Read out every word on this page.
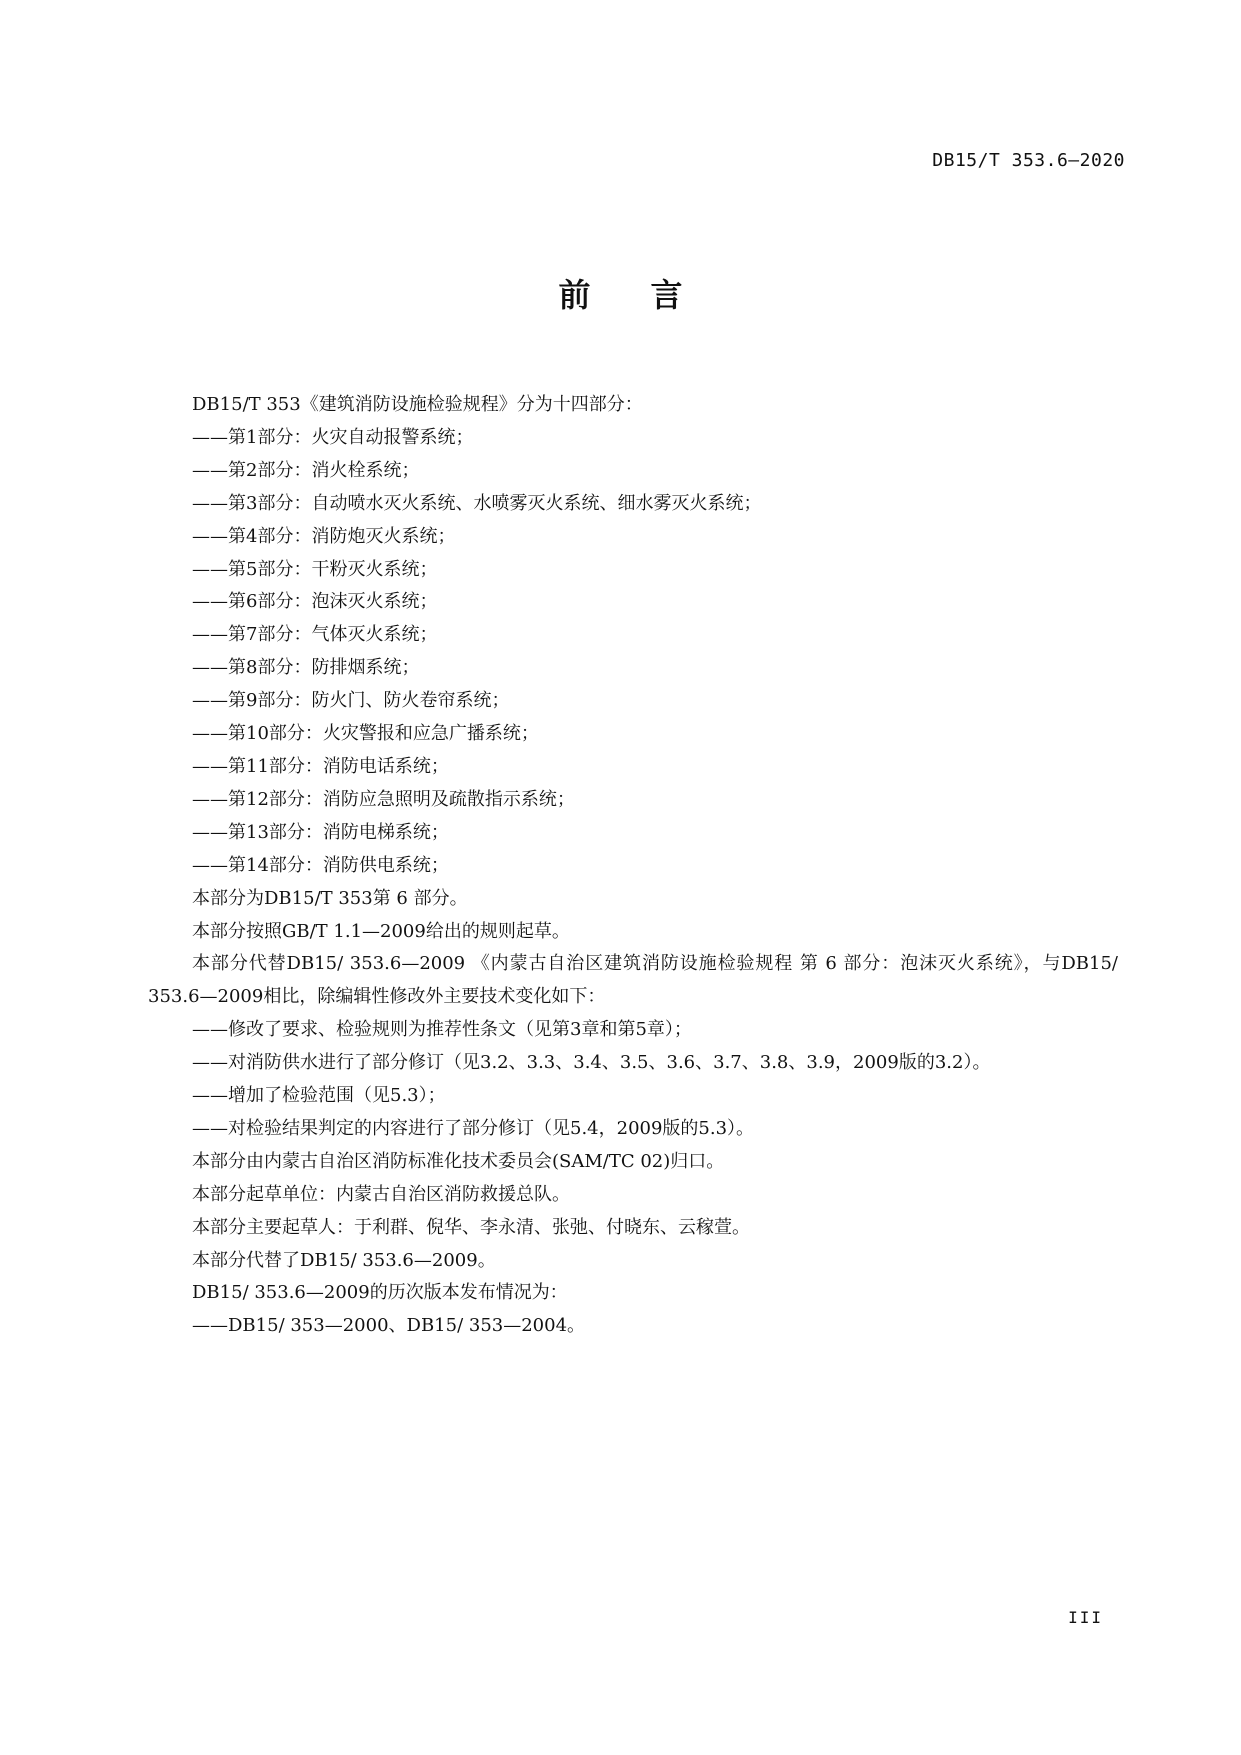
DB15/T 353.6—2020
前 言

DB15/T 353《建筑消防设施检验规程》分为十四部分：

——第1部分：火灾自动报警系统；

——第2部分：消火栓系统；

——第3部分：自动喷水灭火系统、水喷雾灭火系统、细水雾灭火系统；

——第4部分：消防炮灭火系统；

——第5部分：干粉灭火系统；

——第6部分：泡沫灭火系统；

——第7部分：气体灭火系统；

——第8部分：防排烟系统；

——第9部分：防火门、防火卷帘系统；

——第10部分：火灾警报和应急广播系统；

——第11部分：消防电话系统；

——第12部分：消防应急照明及疏散指示系统；

——第13部分：消防电梯系统；

——第14部分：消防供电系统；

本部分为DB15/T 353第 6 部分。

本部分按照GB/T 1.1—2009给出的规则起草。

本部分代替DB15/ 353.6—2009 《内蒙古自治区建筑消防设施检验规程 第 6 部分：泡沫灭火系统》，与DB15/ 353.6—2009相比，除编辑性修改外主要技术变化如下：

——修改了要求、检验规则为推荐性条文（见第3章和第5章）；

——对消防供水进行了部分修订（见3.2、3.3、3.4、3.5、3.6、3.7、3.8、3.9，2009版的3.2）。

——增加了检验范围（见5.3）；

——对检验结果判定的内容进行了部分修订（见5.4，2009版的5.3）。

本部分由内蒙古自治区消防标准化技术委员会(SAM/TC 02)归口。

本部分起草单位：内蒙古自治区消防救援总队。

本部分主要起草人：于利群、倪华、李永清、张弛、付晓东、云稼萱。

本部分代替了DB15/ 353.6—2009。

DB15/ 353.6—2009的历次版本发布情况为：

——DB15/ 353—2000、DB15/ 353—2004。

III
